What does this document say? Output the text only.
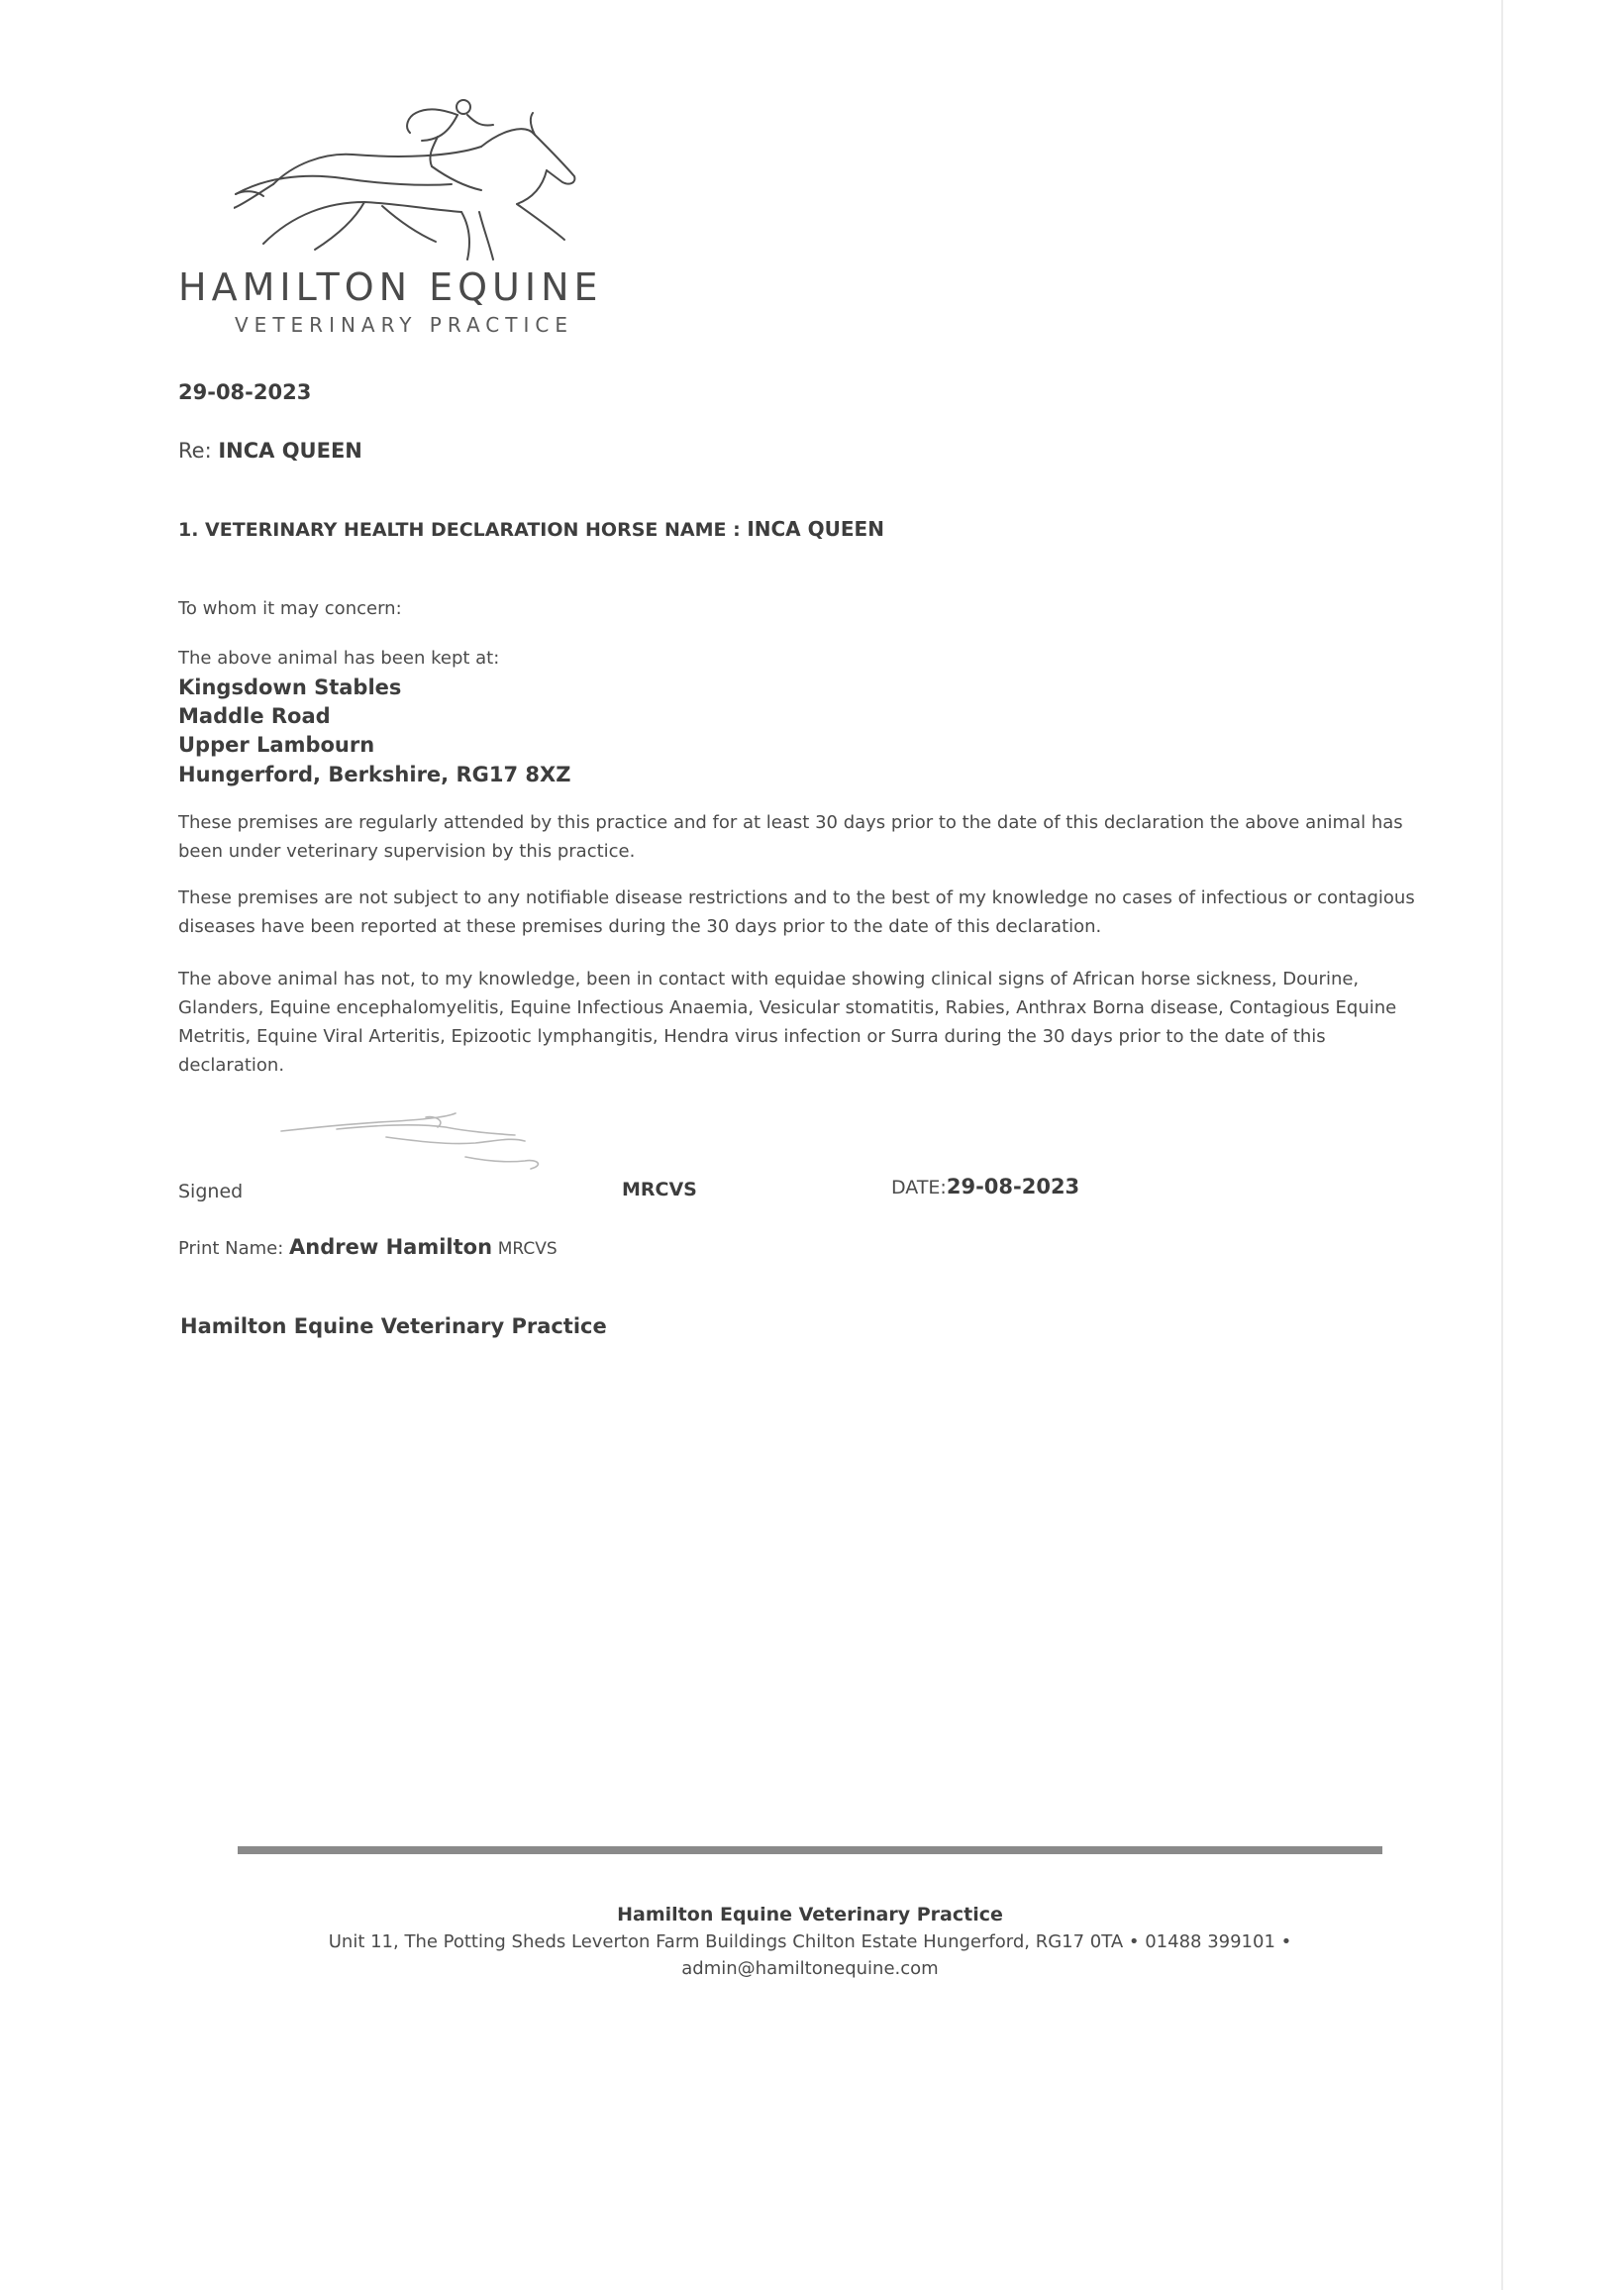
HAMILTON EQUINE
VETERINARY PRACTICE
29-08-2023
Re: INCA QUEEN
1. VETERINARY HEALTH DECLARATION HORSE NAME : INCA QUEEN
To whom it may concern:
The above animal has been kept at:
Kingsdown Stables
Maddle Road
Upper Lambourn
Hungerford, Berkshire, RG17 8XZ
These premises are regularly attended by this practice and for at least 30 days prior to the date of this declaration the above animal has been under veterinary supervision by this practice.
These premises are not subject to any notifiable disease restrictions and to the best of my knowledge no cases of infectious or contagious diseases have been reported at these premises during the 30 days prior to the date of this declaration.
The above animal has not, to my knowledge, been in contact with equidae showing clinical signs of African horse sickness, Dourine, Glanders, Equine encephalomyelitis, Equine Infectious Anaemia, Vesicular stomatitis, Rabies, Anthrax Borna disease, Contagious Equine Metritis, Equine Viral Arteritis, Epizootic lymphangitis, Hendra virus infection or Surra during the 30 days prior to the date of this declaration.
Signed	MRCVS	DATE:29-08-2023
Print Name: Andrew Hamilton MRCVS
Hamilton Equine Veterinary Practice
Hamilton Equine Veterinary Practice
Unit 11, The Potting Sheds Leverton Farm Buildings Chilton Estate Hungerford, RG17 0TA • 01488 399101 •
admin@hamiltonequine.com
